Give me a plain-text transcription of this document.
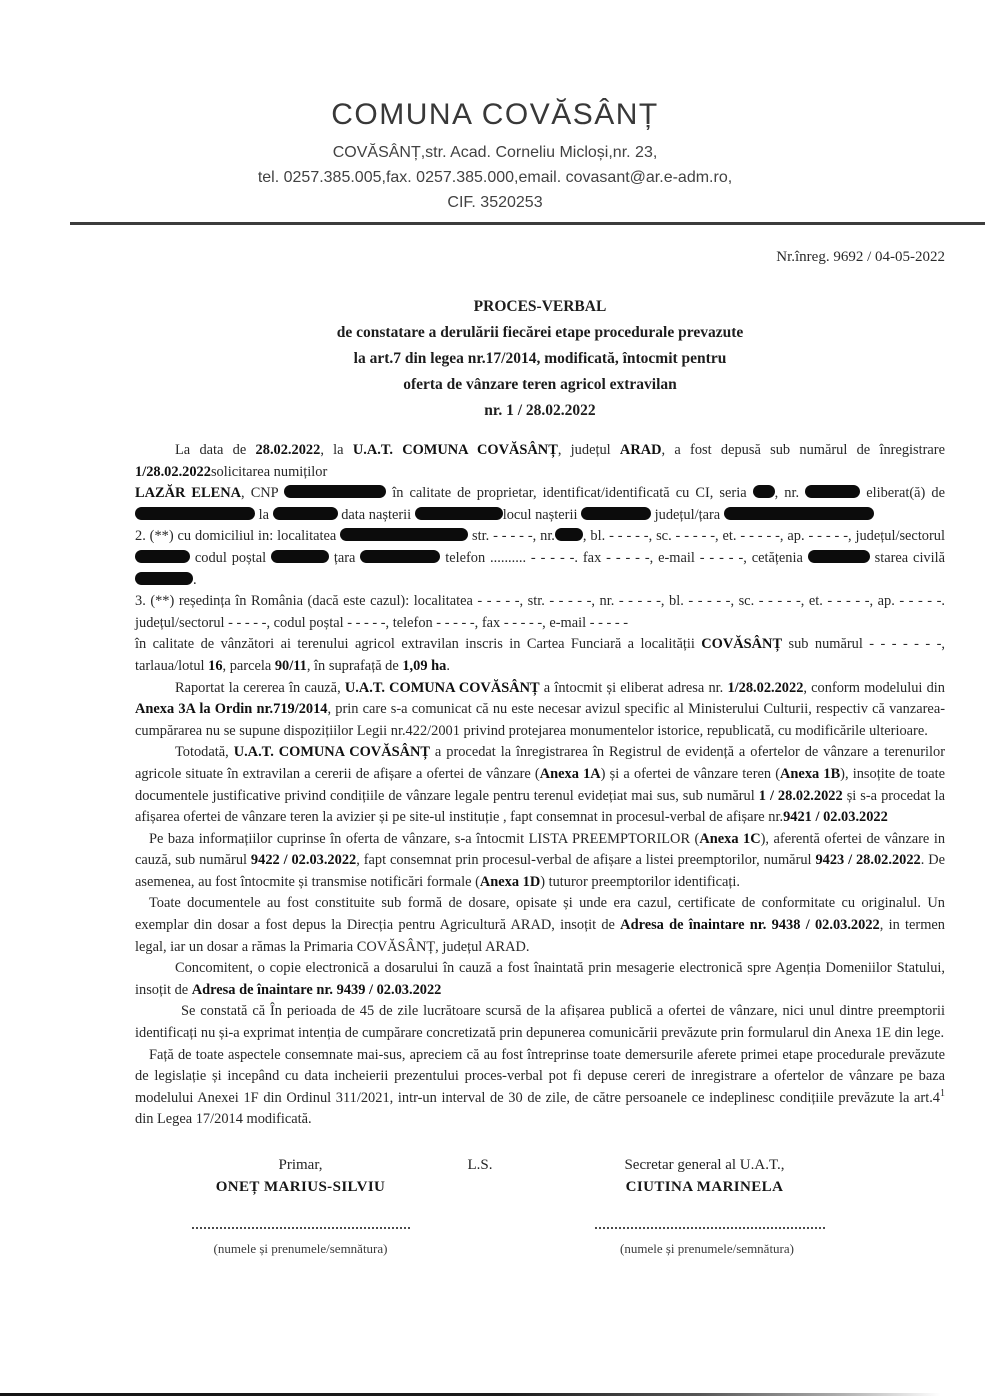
COMUNA COVĂSÂNȚ
COVĂSÂNȚ,str. Acad. Corneliu Micloși,nr. 23,
tel. 0257.385.005,fax. 0257.385.000,email. covasant@ar.e-adm.ro,
CIF. 3520253
Nr.înreg. 9692 / 04-05-2022
PROCES-VERBAL
de constatare a derulării fiecărei etape procedurale prevazute
la art.7 din legea nr.17/2014, modificată, întocmit pentru
oferta de vânzare teren agricol extravilan
nr. 1 / 28.02.2022

La data de 28.02.2022, la U.A.T. COMUNA COVĂSÂNȚ, județul ARAD, a fost depusă sub numărul de înregistrare 1/28.02.2022solicitarea numiților

LAZĂR ELENA, CNP	în calitate de proprietar, identificat/identificată cu CI, seria , nr.	eliberat(ă) de  la	data nașterii	locul nașterii	județul/țara

2. (**) cu domiciliul in: localitatea	str. - - - - -, nr. , bl. - - - - -, sc. - - - - -, et. - - - - -, ap. - - - - -, județul/sectorul  codul poștal	țara	telefon .......... - - - - -. fax - - - - -, e-mail - - - - -, cetățenia	starea civilă .

3. (**) reședința în România (dacă este cazul): localitatea - - - - -, str. - - - - -, nr. - - - - -, bl. - - - - -, sc. - - - - -, et. - - - - -, ap. - - - - -. județul/sectorul - - - - -, codul poștal - - - - -, telefon - - - - -, fax - - - - -, e-mail - - - - -

în calitate de vânzători ai terenului agricol extravilan inscris in Cartea Funciară a localității COVĂSÂNȚ sub numărul - - - - - - -, tarlaua/lotul 16, parcela 90/11, în suprafață de 1,09 ha.

Raportat la cererea în cauză, U.A.T. COMUNA COVĂSÂNȚ a întocmit și eliberat adresa nr. 1/28.02.2022, conform modelului din Anexa 3A la Ordin nr.719/2014, prin care s-a comunicat că nu este necesar avizul specific al Ministerului Culturii, respectiv că vanzarea-cumpărarea nu se supune dispozițiilor Legii nr.422/2001 privind protejarea monumentelor istorice, republicată, cu modificările ulterioare.

Totodată, U.A.T. COMUNA COVĂSÂNȚ a procedat la înregistrarea în Registrul de evidență a ofertelor de vânzare a terenurilor agricole situate în extravilan a cererii de afișare a ofertei de vânzare (Anexa 1A) și a ofertei de vânzare teren (Anexa 1B), insoțite de toate documentele justificative privind condițiile de vânzare legale pentru terenul evidețiat mai sus, sub numărul 1 / 28.02.2022 și s-a procedat la afișarea ofertei de vânzare teren la avizier și pe site-ul instituție , fapt consemnat in procesul-verbal de afișare nr.9421 / 02.03.2022

Pe baza informațiilor cuprinse în oferta de vânzare, s-a întocmit LISTA PREEMPTORILOR (Anexa 1C), aferentă ofertei de vânzare in cauză, sub numărul 9422 / 02.03.2022, fapt consemnat prin procesul-verbal de afișare a listei preemptorilor, numărul 9423 / 28.02.2022. De asemenea, au fost întocmite și transmise notificări formale (Anexa 1D) tuturor preemptorilor identificați.

Toate documentele au fost constituite sub formă de dosare, opisate și unde era cazul, certificate de conformitate cu originalul. Un exemplar din dosar a fost depus la Direcția pentru Agricultură ARAD, insoțit de Adresa de înaintare nr. 9438 / 02.03.2022, in termen legal, iar un dosar a rămas la Primaria COVĂSÂNȚ, județul ARAD.

Concomitent, o copie electronică a dosarului în cauză a fost înaintată prin mesagerie electronică spre Agenția Domeniilor Statului, insoțit de Adresa de înaintare nr. 9439 / 02.03.2022

Se constată că În perioada de 45 de zile lucrătoare scursă de la afișarea publică a ofertei de vânzare, nici unul dintre preemptorii identificați nu și-a exprimat intenția de cumpărare concretizată prin depunerea comunicării prevăzute prin formularul din Anexa 1E din lege.

Față de toate aspectele consemnate mai-sus, apreciem că au fost întreprinse toate demersurile aferete primei etape procedurale prevăzute de legislație și incepând cu data incheierii prezentului proces-verbal pot fi depuse cereri de inregistrare a ofertelor de vânzare pe baza modelului Anexei 1F din Ordinul 311/2021, intr-un interval de 30 de zile, de către persoanele ce indeplinesc condițiile prevăzute la $art.4^1$ din Legea 17/2014 modificată.

Primar,
ONEȚ MARIUS-SILVIU
L.S.	Secretar general al U.A.T.,
CIUTINA MARINELA
(numele și prenumele/semnătura)	(numele și prenumele/semnătura)
